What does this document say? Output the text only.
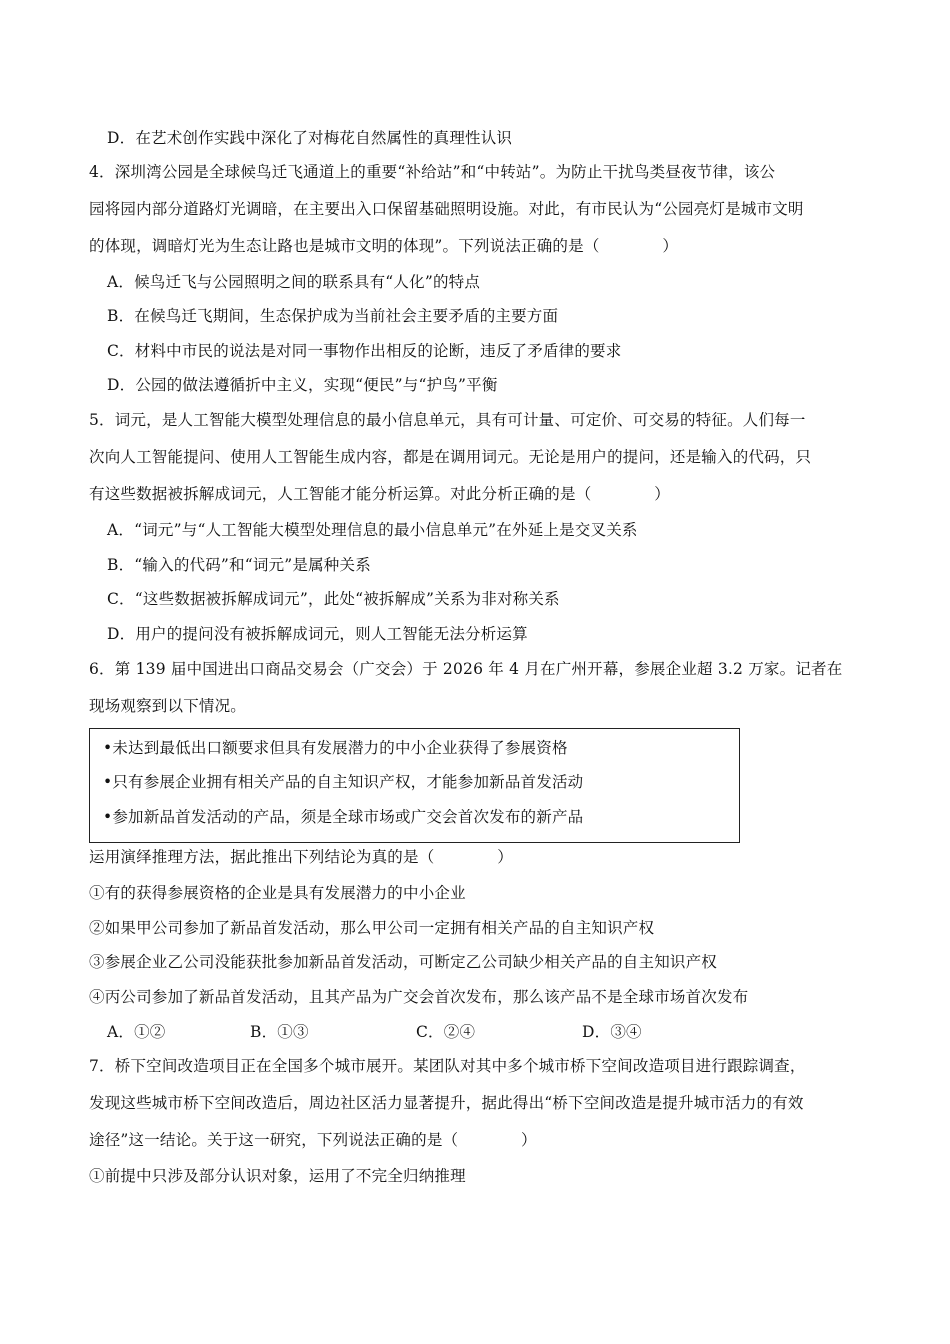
D．在艺术创作实践中深化了对梅花自然属性的真理性认识
4．深圳湾公园是全球候鸟迁飞通道上的重要“补给站”和“中转站”。为防止干扰鸟类昼夜节律，该公
园将园内部分道路灯光调暗，在主要出入口保留基础照明设施。对此，有市民认为“公园亮灯是城市文明
的体现，调暗灯光为生态让路也是城市文明的体现”。下列说法正确的是（　　　　）
A．候鸟迁飞与公园照明之间的联系具有“人化”的特点
B．在候鸟迁飞期间，生态保护成为当前社会主要矛盾的主要方面
C．材料中市民的说法是对同一事物作出相反的论断，违反了矛盾律的要求
D．公园的做法遵循折中主义，实现“便民”与“护鸟”平衡
5．词元，是人工智能大模型处理信息的最小信息单元，具有可计量、可定价、可交易的特征。人们每一
次向人工智能提问、使用人工智能生成内容，都是在调用词元。无论是用户的提问，还是输入的代码，只
有这些数据被拆解成词元，人工智能才能分析运算。对此分析正确的是（　　　　）
A．“词元”与“人工智能大模型处理信息的最小信息单元”在外延上是交叉关系
B．“输入的代码”和“词元”是属种关系
C．“这些数据被拆解成词元”，此处“被拆解成”关系为非对称关系
D．用户的提问没有被拆解成词元，则人工智能无法分析运算
6．第 139 届中国进出口商品交易会（广交会）于 2026 年 4 月在广州开幕，参展企业超 3.2 万家。记者在
现场观察到以下情况。
•未达到最低出口额要求但具有发展潜力的中小企业获得了参展资格
•只有参展企业拥有相关产品的自主知识产权，才能参加新品首发活动
•参加新品首发活动的产品，须是全球市场或广交会首次发布的新产品
运用演绎推理方法，据此推出下列结论为真的是（　　　　）
①有的获得参展资格的企业是具有发展潜力的中小企业
②如果甲公司参加了新品首发活动，那么甲公司一定拥有相关产品的自主知识产权
③参展企业乙公司没能获批参加新品首发活动，可断定乙公司缺少相关产品的自主知识产权
④丙公司参加了新品首发活动，且其产品为广交会首次发布，那么该产品不是全球市场首次发布
A．①②	B．①③	C．②④	D．③④
7．桥下空间改造项目正在全国多个城市展开。某团队对其中多个城市桥下空间改造项目进行跟踪调查，
发现这些城市桥下空间改造后，周边社区活力显著提升，据此得出“桥下空间改造是提升城市活力的有效
途径”这一结论。关于这一研究，下列说法正确的是（　　　　）
①前提中只涉及部分认识对象，运用了不完全归纳推理
